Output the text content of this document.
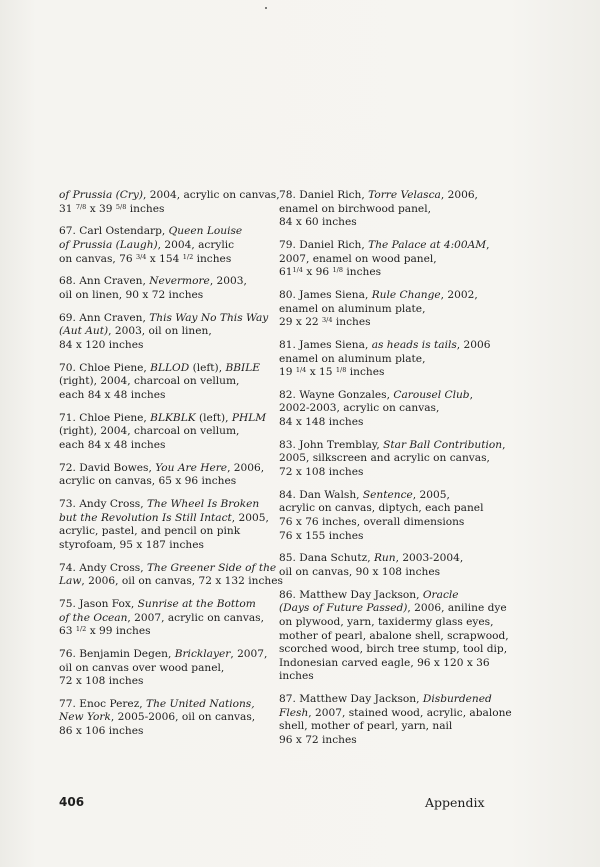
of Prussia (Cry), 2004, acrylic on canvas,
31 $^{7/8}$ x 39 $^{5/8}$ inches
67. Carl Ostendarp, Queen Louise
of Prussia (Laugh), 2004, acrylic
on canvas, 76 $^{3/4}$ x 154 $^{1/2}$ inches
68. Ann Craven, Nevermore, 2003,
oil on linen, 90 x 72 inches
69. Ann Craven, This Way No This Way
(Aut Aut), 2003, oil on linen,
84 x 120 inches
70. Chloe Piene, BLLOD (left), BBILE
(right), 2004, charcoal on vellum,
each 84 x 48 inches
71. Chloe Piene, BLKBLK (left), PHLM
(right), 2004, charcoal on vellum,
each 84 x 48 inches
72. David Bowes, You Are Here, 2006,
acrylic on canvas, 65 x 96 inches
73. Andy Cross, The Wheel Is Broken
but the Revolution Is Still Intact, 2005,
acrylic, pastel, and pencil on pink
styrofoam, 95 x 187 inches
74. Andy Cross, The Greener Side of the
Law, 2006, oil on canvas, 72 x 132 inches
75. Jason Fox, Sunrise at the Bottom
of the Ocean, 2007, acrylic on canvas,
63 $^{1/2}$ x 99 inches
76. Benjamin Degen, Bricklayer, 2007,
oil on canvas over wood panel,
72 x 108 inches
77. Enoc Perez, The United Nations,
New York, 2005-2006, oil on canvas,
86 x 106 inches
78. Daniel Rich, Torre Velasca, 2006,
enamel on birchwood panel,
84 x 60 inches
79. Daniel Rich, The Palace at 4:00AM,
2007, enamel on wood panel,
$61^{1/4}$ x 96 $^{1/8}$ inches
80. James Siena, Rule Change, 2002,
enamel on aluminum plate,
29 x 22 $^{3/4}$ inches
81. James Siena, as heads is tails, 2006
enamel on aluminum plate,
19 $^{1/4}$ x 15 $^{1/8}$ inches
82. Wayne Gonzales, Carousel Club,
2002-2003, acrylic on canvas,
84 x 148 inches
83. John Tremblay, Star Ball Contribution,
2005, silkscreen and acrylic on canvas,
72 x 108 inches
84. Dan Walsh, Sentence, 2005,
acrylic on canvas, diptych, each panel
76 x 76 inches, overall dimensions
76 x 155 inches
85. Dana Schutz, Run, 2003-2004,
oil on canvas, 90 x 108 inches
86. Matthew Day Jackson, Oracle
(Days of Future Passed), 2006, aniline dye
on plywood, yarn, taxidermy glass eyes,
mother of pearl, abalone shell, scrapwood,
scorched wood, birch tree stump, tool dip,
Indonesian carved eagle, 96 x 120 x 36
inches
87. Matthew Day Jackson, Disburdened
Flesh, 2007, stained wood, acrylic, abalone
shell, mother of pearl, yarn, nail
96 x 72 inches
406	Appendix
